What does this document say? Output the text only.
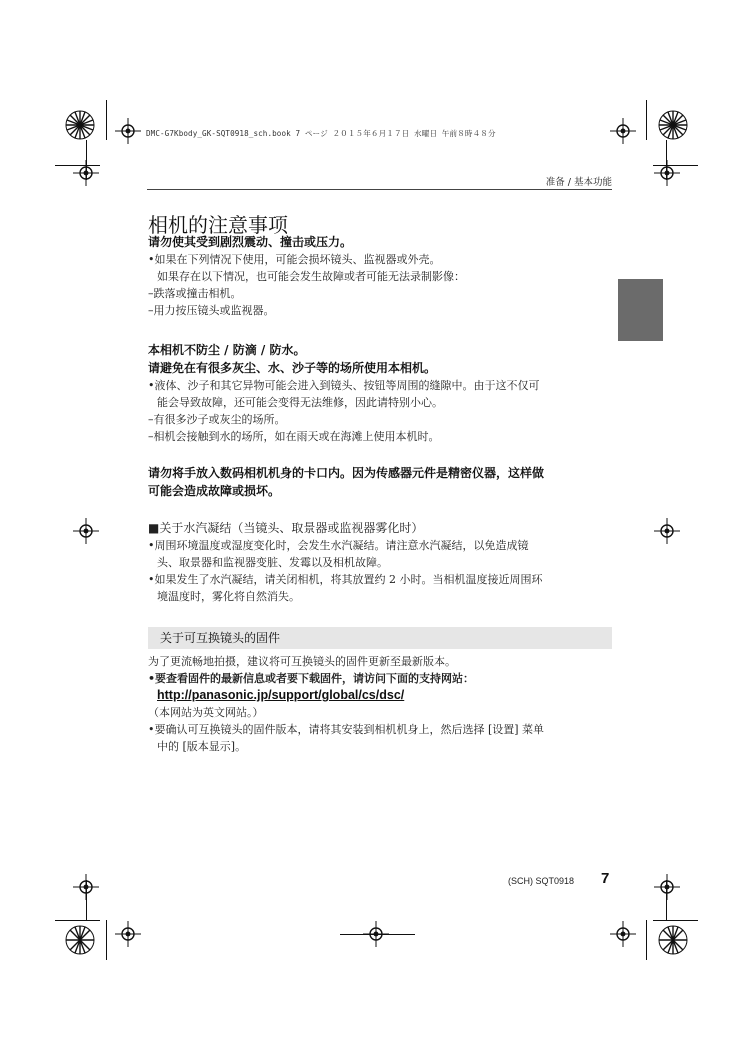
DMC-G7Kbody_GK-SQT0918_sch.book 7 ページ ２０１５年６月１７日 水曜日 午前８時４８分
准备 / 基本功能
相机的注意事项

请勿使其受到剧烈震动、撞击或压力。

•如果在下列情况下使用，可能会损坏镜头、监视器或外壳。

如果存在以下情况，也可能会发生故障或者可能无法录制影像：

–跌落或撞击相机。

–用力按压镜头或监视器。

本相机不防尘 / 防滴 / 防水。

请避免在有很多灰尘、水、沙子等的场所使用本相机。

•液体、沙子和其它异物可能会进入到镜头、按钮等周围的缝隙中。由于这不仅可

能会导致故障，还可能会变得无法维修，因此请特别小心。

–有很多沙子或灰尘的场所。

–相机会接触到水的场所，如在雨天或在海滩上使用本机时。

请勿将手放入数码相机机身的卡口内。因为传感器元件是精密仪器，这样做

可能会造成故障或损坏。

■关于水汽凝结（当镜头、取景器或监视器雾化时）

•周围环境温度或湿度变化时，会发生水汽凝结。请注意水汽凝结，以免造成镜

头、取景器和监视器变脏、发霉以及相机故障。

•如果发生了水汽凝结，请关闭相机，将其放置约 2 小时。当相机温度接近周围环

境温度时，雾化将自然消失。

关于可互换镜头的固件

为了更流畅地拍摄，建议将可互换镜头的固件更新至最新版本。

•要查看固件的最新信息或者要下载固件，请访问下面的支持网站：

http://panasonic.jp/support/global/cs/dsc/

（本网站为英文网站。）

•要确认可互换镜头的固件版本，请将其安装到相机机身上，然后选择 [设置] 菜单

中的 [版本显示]。

(SCH) SQT0918 7
